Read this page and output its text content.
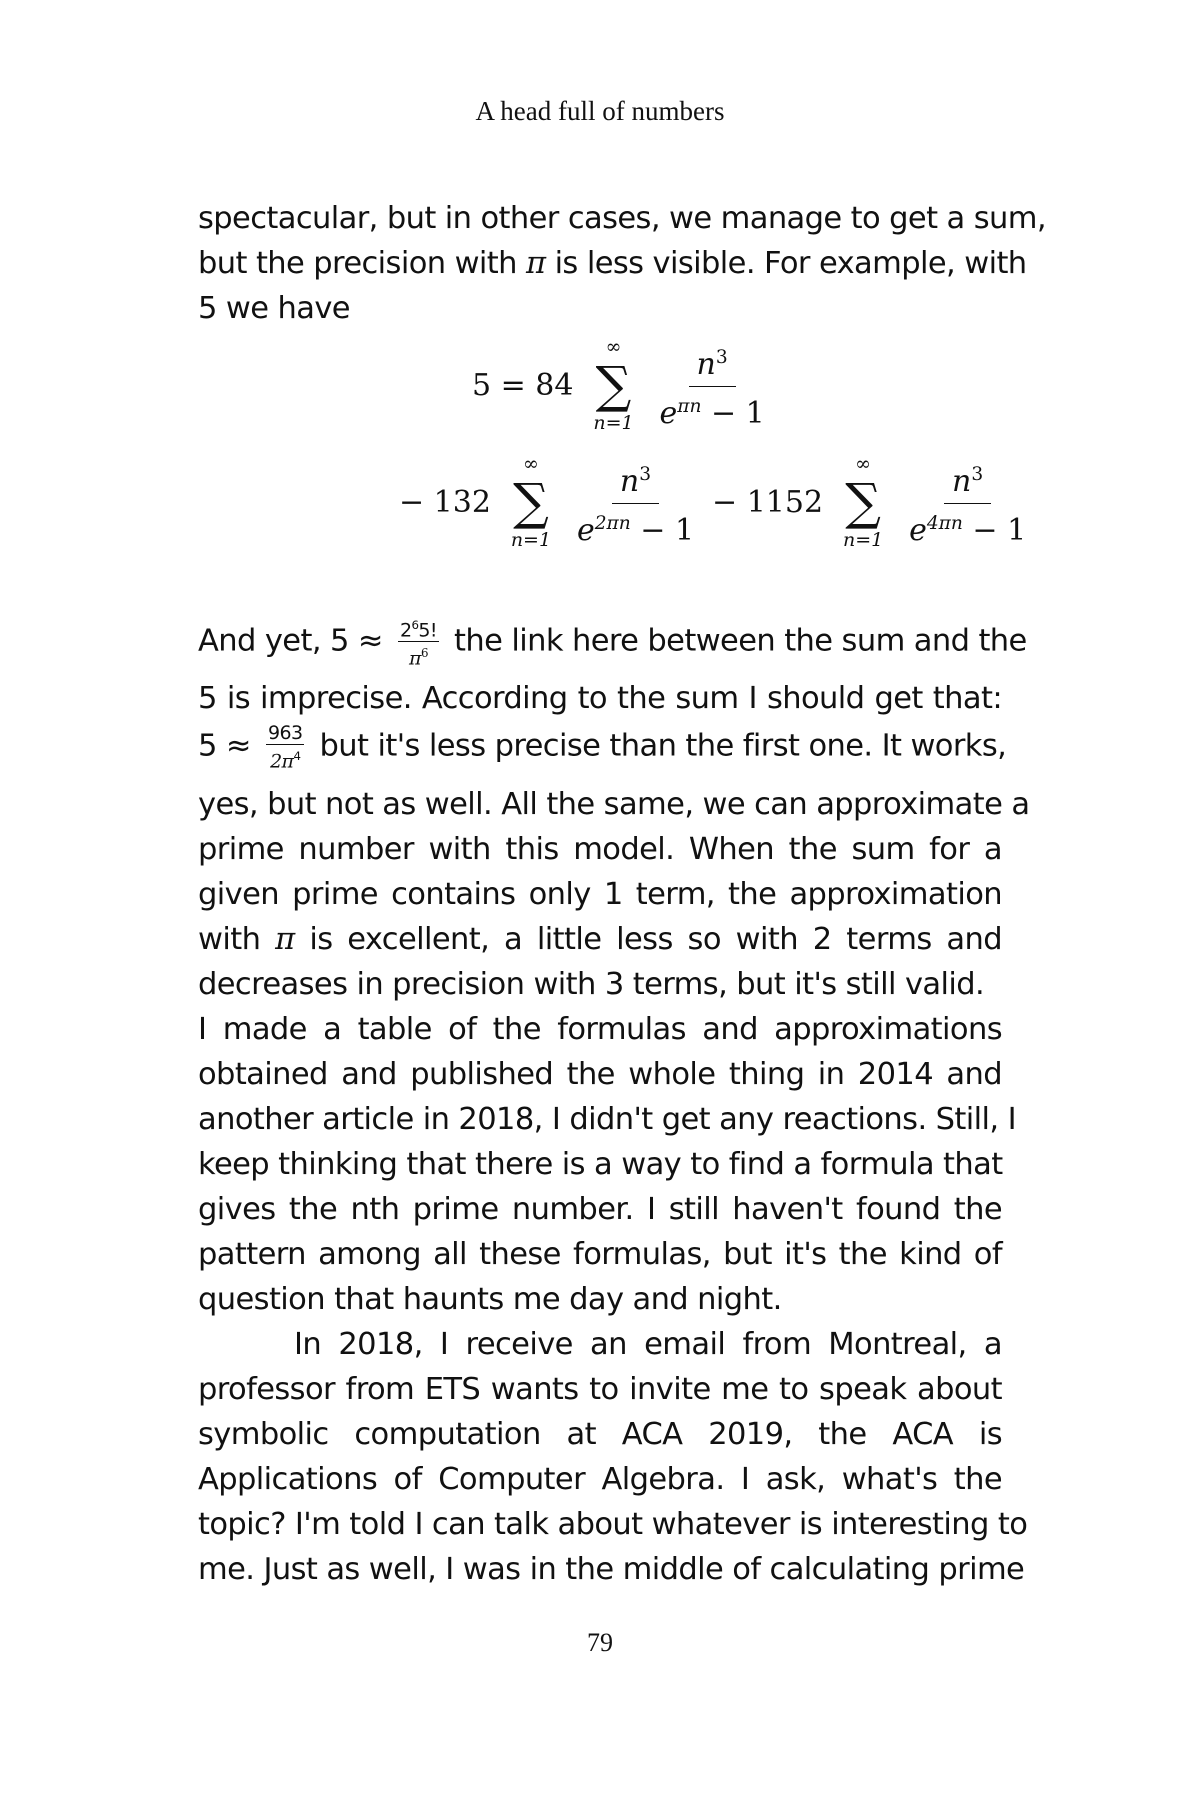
A head full of numbers
spectacular, but in other cases, we manage to get a sum,
but the precision with π is less visible. For example, with
5 we have
5 = 84
∞
∑
$n=1 \frac{n^3}{e^{\pi n} - 1}$
− 132
∞
∑
$n=1 \frac{n^3}{e^{2\pi n} - 1} - 1152$
∞
∑
$n=1 \frac{n^3}{e^{4\pi n} - 1}$
And yet, $5 \approx \frac{2^65!}{\pi^6}$ the link here between the sum and the
5 is imprecise. According to the sum I should get that:
$5 \approx \frac{963}{2\pi^4}$ but it's less precise than the first one. It works,
yes, but not as well. All the same, we can approximate a
prime number with this model. When the sum for a
given prime contains only 1 term, the approximation
with π is excellent, a little less so with 2 terms and
decreases in precision with 3 terms, but it's still valid.
I made a table of the formulas and approximations
obtained and published the whole thing in 2014 and
another article in 2018, I didn't get any reactions. Still, I
keep thinking that there is a way to find a formula that
gives the nth prime number. I still haven't found the
pattern among all these formulas, but it's the kind of
question that haunts me day and night.
In 2018, I receive an email from Montreal, a
professor from ETS wants to invite me to speak about
symbolic computation at ACA 2019, the ACA is
Applications of Computer Algebra. I ask, what's the
topic? I'm told I can talk about whatever is interesting to
me. Just as well, I was in the middle of calculating prime
79
